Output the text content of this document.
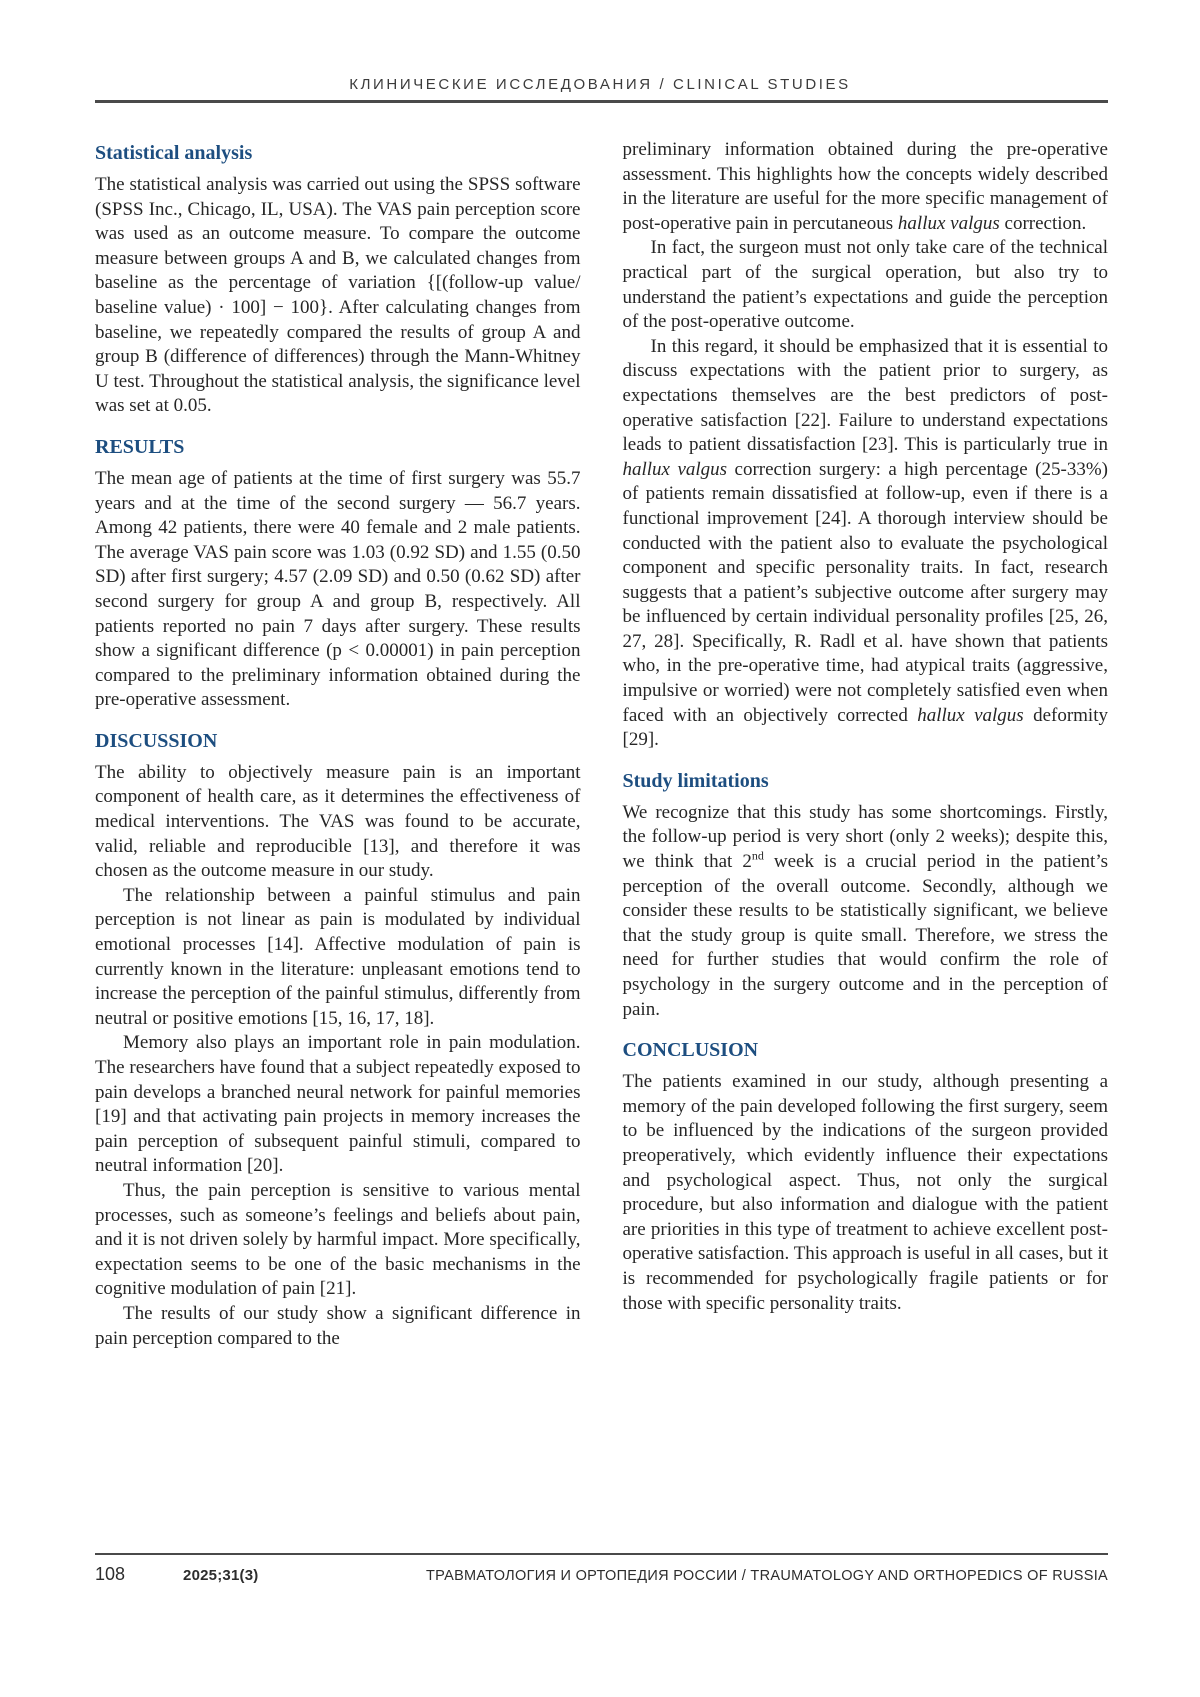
КЛИНИЧЕСКИЕ ИССЛЕДОВАНИЯ / CLINICAL STUDIES
Statistical analysis

The statistical analysis was carried out using the SPSS software (SPSS Inc., Chicago, IL, USA). The VAS pain perception score was used as an outcome measure. To compare the outcome measure between groups A and B, we calculated changes from baseline as the percentage of variation {[(follow-up value/ baseline value) · 100] − 100}. After calculating changes from baseline, we repeatedly compared the results of group A and group B (difference of differences) through the Mann-Whitney U test. Throughout the statistical analysis, the significance level was set at 0.05.

RESULTS

The mean age of patients at the time of first surgery was 55.7 years and at the time of the second surgery — 56.7 years. Among 42 patients, there were 40 female and 2 male patients. The average VAS pain score was 1.03 (0.92 SD) and 1.55 (0.50 SD) after first surgery; 4.57 (2.09 SD) and 0.50 (0.62 SD) after second surgery for group A and group B, respectively. All patients reported no pain 7 days after surgery. These results show a significant difference (p < 0.00001) in pain perception compared to the preliminary information obtained during the pre-operative assessment.

DISCUSSION

The ability to objectively measure pain is an important component of health care, as it determines the effectiveness of medical interventions. The VAS was found to be accurate, valid, reliable and reproducible [13], and therefore it was chosen as the outcome measure in our study.

The relationship between a painful stimulus and pain perception is not linear as pain is modulated by individual emotional processes [14]. Affective modulation of pain is currently known in the literature: unpleasant emotions tend to increase the perception of the painful stimulus, differently from neutral or positive emotions [15, 16, 17, 18].

Memory also plays an important role in pain modulation. The researchers have found that a subject repeatedly exposed to pain develops a branched neural network for painful memories [19] and that activating pain projects in memory increases the pain perception of subsequent painful stimuli, compared to neutral information [20].

Thus, the pain perception is sensitive to various mental processes, such as someone’s feelings and beliefs about pain, and it is not driven solely by harmful impact. More specifically, expectation seems to be one of the basic mechanisms in the cognitive modulation of pain [21].

The results of our study show a significant difference in pain perception compared to the

preliminary information obtained during the pre-operative assessment. This highlights how the concepts widely described in the literature are useful for the more specific management of post-operative pain in percutaneous hallux valgus correction.

In fact, the surgeon must not only take care of the technical practical part of the surgical operation, but also try to understand the patient’s expectations and guide the perception of the post-operative outcome.

In this regard, it should be emphasized that it is essential to discuss expectations with the patient prior to surgery, as expectations themselves are the best predictors of post-operative satisfaction [22]. Failure to understand expectations leads to patient dissatisfaction [23]. This is particularly true in hallux valgus correction surgery: a high percentage (25-33%) of patients remain dissatisfied at follow-up, even if there is a functional improvement [24]. A thorough interview should be conducted with the patient also to evaluate the psychological component and specific personality traits. In fact, research suggests that a patient’s subjective outcome after surgery may be influenced by certain individual personality profiles [25, 26, 27, 28]. Specifically, R. Radl et al. have shown that patients who, in the pre-operative time, had atypical traits (aggressive, impulsive or worried) were not completely satisfied even when faced with an objectively corrected hallux valgus deformity [29].

Study limitations

We recognize that this study has some shortcomings. Firstly, the follow-up period is very short (only 2 weeks); despite this, we think that 2nd week is a crucial period in the patient’s perception of the overall outcome. Secondly, although we consider these results to be statistically significant, we believe that the study group is quite small. Therefore, we stress the need for further studies that would confirm the role of psychology in the surgery outcome and in the perception of pain.

CONCLUSION

The patients examined in our study, although presenting a memory of the pain developed following the first surgery, seem to be influenced by the indications of the surgeon provided preoperatively, which evidently influence their expectations and psychological aspect. Thus, not only the surgical procedure, but also information and dialogue with the patient are priorities in this type of treatment to achieve excellent post-operative satisfaction. This approach is useful in all cases, but it is recommended for psychologically fragile patients or for those with specific personality traits.

108	2025;31(3)	ТРАВМАТОЛОГИЯ И ОРТОПЕДИЯ РОССИИ / TRAUMATOLOGY AND ORTHOPEDICS OF RUSSIA
